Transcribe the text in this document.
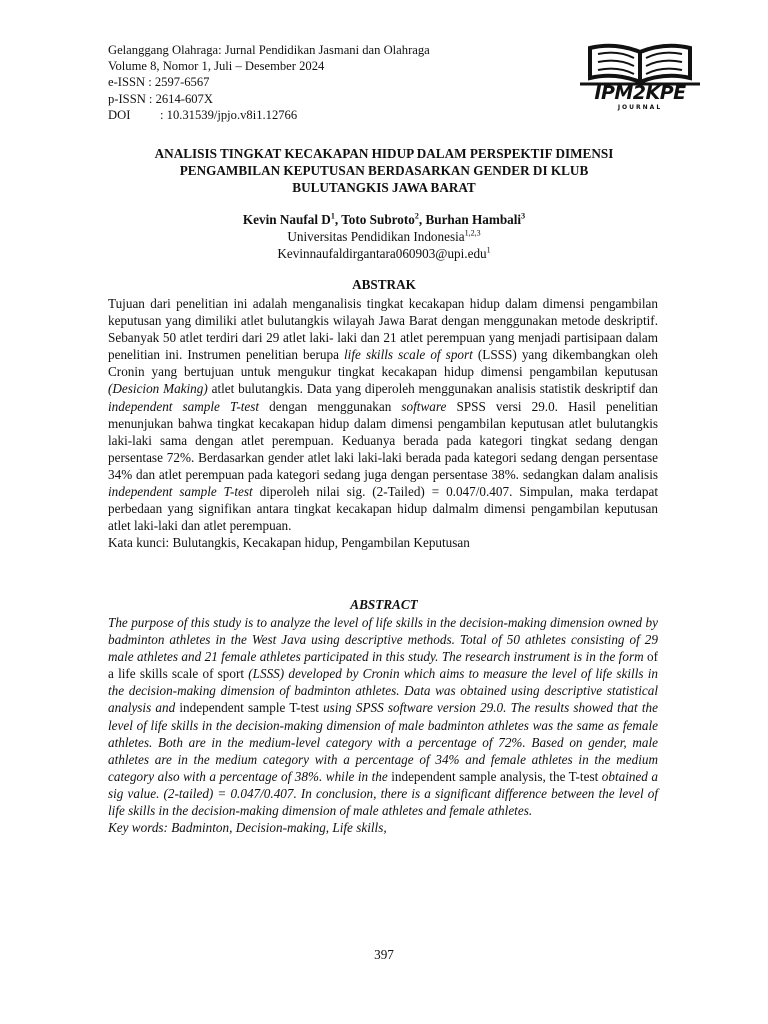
Gelanggang Olahraga: Jurnal Pendidikan Jasmani dan Olahraga
Volume 8, Nomor 1, Juli – Desember 2024
e-ISSN : 2597-6567
p-ISSN : 2614-607X
DOI : 10.31539/jpjo.v8i1.12766
IPM2KPE
JOURNAL
ANALISIS TINGKAT KECAKAPAN HIDUP DALAM PERSPEKTIF DIMENSI
PENGAMBILAN KEPUTUSAN BERDASARKAN GENDER DI KLUB
BULUTANGKIS JAWA BARAT
Kevin Naufal $D^1$, Toto Subroto$^2$, Burhan Hambali$^3$
Universitas Pendidikan Indonesia$^{1,2,3}$
Kevinnaufaldirgantara060903@upi.edu$^1$
ABSTRAK

Tujuan dari penelitian ini adalah menganalisis tingkat kecakapan hidup dalam dimensi pengambilan keputusan yang dimiliki atlet bulutangkis wilayah Jawa Barat dengan menggunakan metode deskriptif. Sebanyak 50 atlet terdiri dari 29 atlet laki- laki dan 21 atlet perempuan yang menjadi partisipaan dalam penelitian ini. Instrumen penelitian berupa life skills scale of sport (LSSS) yang dikembangkan oleh Cronin yang bertujuan untuk mengukur tingkat kecakapan hidup dimensi pengambilan keputusan (Desicion Making) atlet bulutangkis. Data yang diperoleh menggunakan analisis statistik deskriptif dan independent sample T-test dengan menggunakan software SPSS versi 29.0. Hasil penelitian menunjukan bahwa tingkat kecakapan hidup dalam dimensi pengambilan keputusan atlet bulutangkis laki-laki sama dengan atlet perempuan. Keduanya berada pada kategori tingkat sedang dengan persentase 72%. Berdasarkan gender atlet laki laki-laki berada pada kategori sedang dengan persentase 34% dan atlet perempuan pada kategori sedang juga dengan persentase 38%. sedangkan dalam analisis independent sample T-test diperoleh nilai sig. (2-Tailed) = 0.047/0.407. Simpulan, maka terdapat perbedaan yang signifikan antara tingkat kecakapan hidup dalmalm dimensi pengambilan keputusan atlet laki-laki dan atlet perempuan.

Kata kunci: Bulutangkis, Kecakapan hidup, Pengambilan Keputusan

ABSTRACT

The purpose of this study is to analyze the level of life skills in the decision-making dimension owned by badminton athletes in the West Java using descriptive methods. Total of 50 athletes consisting of 29 male athletes and 21 female athletes participated in this study. The research instrument is in the form of a life skills scale of sport (LSSS) developed by Cronin which aims to measure the level of life skills in the decision-making dimension of badminton athletes. Data was obtained using descriptive statistical analysis and independent sample T-test using SPSS software version 29.0. The results showed that the level of life skills in the decision-making dimension of male badminton athletes was the same as female athletes. Both are in the medium-level category with a percentage of 72%. Based on gender, male athletes are in the medium category with a percentage of 34% and female athletes in the medium category also with a percentage of 38%. while in the independent sample analysis, the T-test obtained a sig value. (2-tailed) = 0.047/0.407. In conclusion, there is a significant difference between the level of life skills in the decision-making dimension of male athletes and female athletes.

Key words: Badminton, Decision-making, Life skills,

397
